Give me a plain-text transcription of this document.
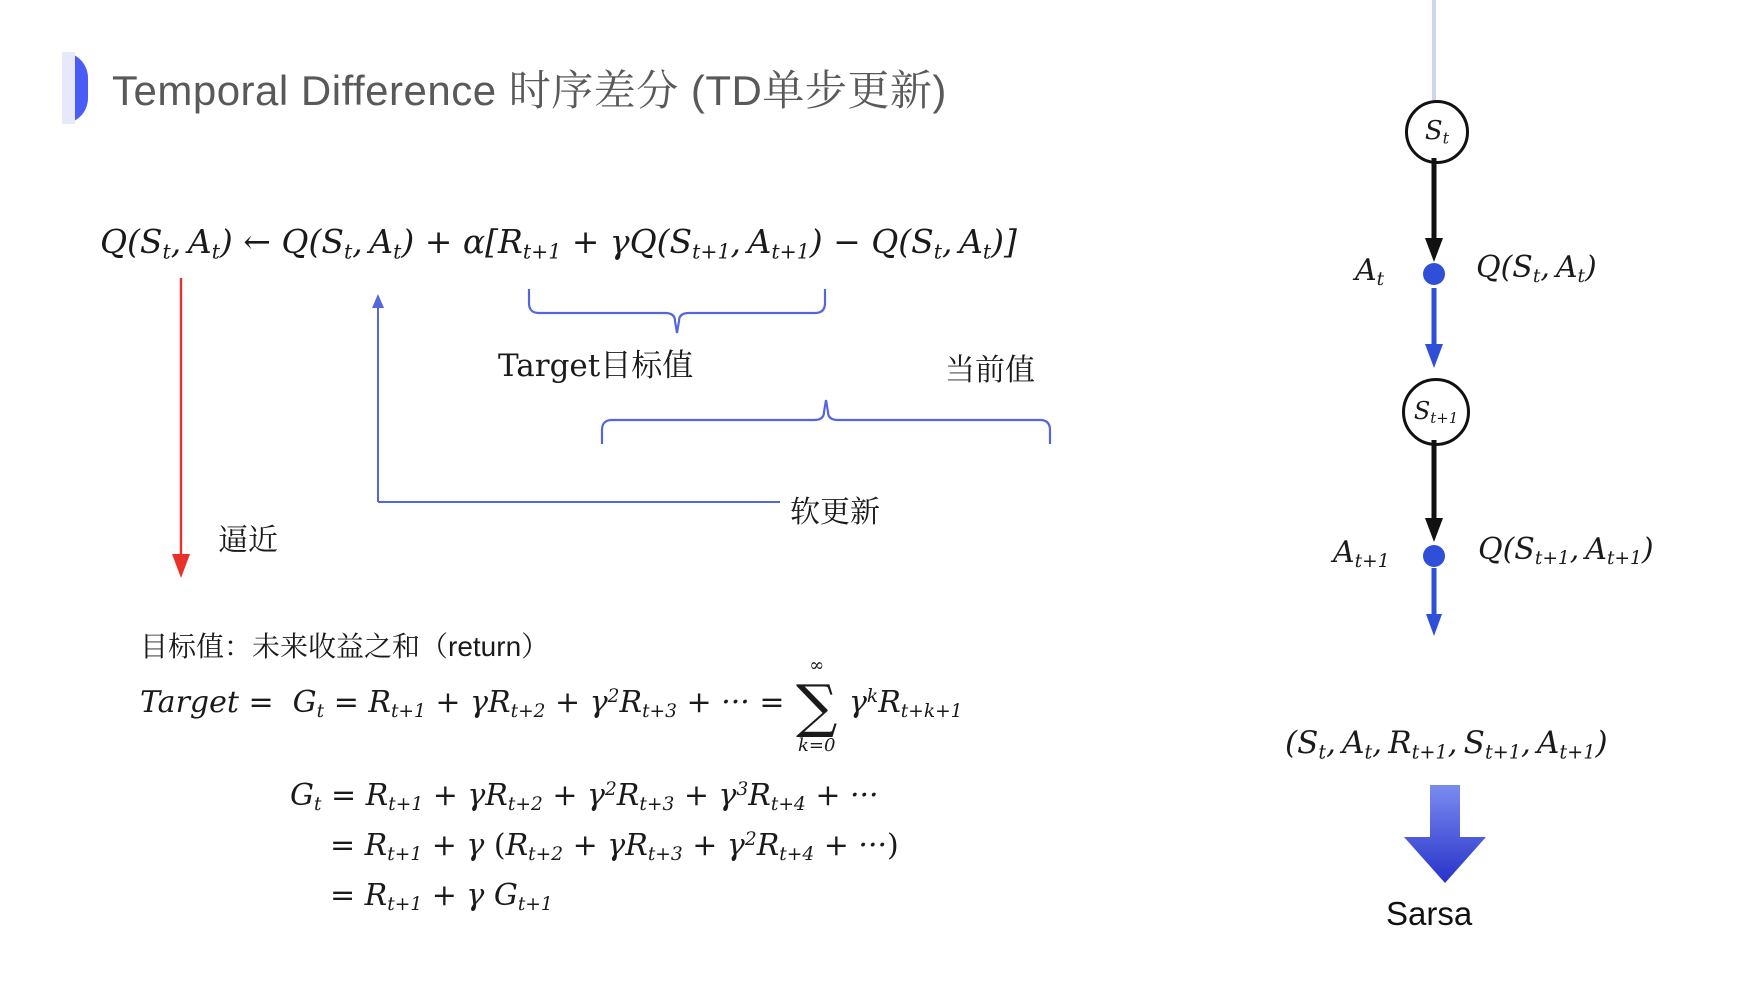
Temporal Difference 时序差分 (TD单步更新)
$Q(S_t$, $A_t$) ← $Q(S_t$, $A_t) + \alpha[R_{t+1} + \gamma Q(S_{t+1}$, $A_{t+1}) - Q(S_t$, $A_t$)]
Target目标值	当前值
软更新
逼近
目标值：未来收益之和（return）
Target =  $G_t = R_{t+1} + \gamma R_{t+2} + \gamma^2R_{t+3}$ + ··· =
∞
∑
k=0
$\gamma^kR_{t+k+1}$
$G_t = R_{t+1} + \gamma R_{t+2} + \gamma^2R_{t+3} + \gamma^3R_{t+4}$ + ···
= $R_{t+1} + \gamma$ ($R_{t+2} + \gamma R_{t+3} + \gamma^2R_{t+4}$ + ···)
= $R_{t+1} + \gamma$ $G_{t+1}$
$S_t$
$A_t$	$Q(S_t$, $A_t$)
$S_{t+1}$
$A_{t+1}$	$Q(S_{t+1}$, $A_{t+1}$)
($S_t$, $A_t$, $R_{t+1}$, $S_{t+1}$, $A_{t+1}$)
Sarsa
